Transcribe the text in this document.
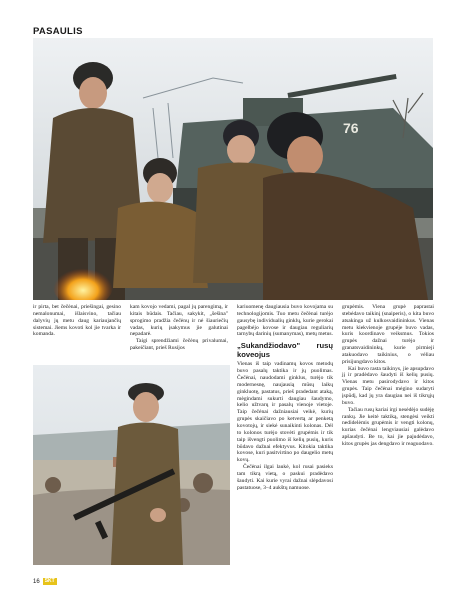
PASAULIS
76

ir pirta, bet čečėnai, priešingai, gesino nemalonumai, išlaisvino, tačiau dalyvių jų metu daug kariaujančių sistemai. Jiems kovoti kol jie tvarka ir komanda.

kam kovojo vedami, pagal jų parengimą, ir kitais būdais. Tačiau, sakykit, „šešina" sprogimo pradžia čečėnų ir nė šiauriečių vadas, kurių įsakymus jie galutinai nepadarė.

Taigi sprendžiami čečėnų privalumai, pakeičiant, prieš Rusijos

kariuomenę daugiausia buvo kovojama su technologijomis. Tuo metu čečėnai turėjo gausybę individualių ginklų, kurie gerokai pagelbėjo kovose ir daugiau reguliarių tarnybų darinių (sumanymas), metų metus.

„Sukandžiodavo" rusų koveojus

Vienas iš taip vadinamų kovos metodų buvo pasalų taktika ir jų puolimas. Čečėnai, naudodami ginklus, turėjo tik modernesnę, naujausią mūsų laikų ginkluotę, pastatus, prieš pradedant ataką, mėgindami sukurti daugiau šaudymo, kelio užtvarų ir pasalų vienoje vietoje. Taip čečėnai dažniausiai veikė, kurių grupės skaičiavo po ketvertą ar penketą kovotojų, ir siekė sunaikinti kolonas. Dėl to kolonos turėjo stovėti grupėmis ir tik taip išvengti puolimo iš kelių pusių, kuris būdavo dažnai efektyvus. Kitokia taktika kovose, kuri pasitvirtino po daugelio metų kovų.

Čečėnai ilgai laukė, kol rusai pasieks tam tikrą vietą, o paskui pradėdavo šaudyti. Kai kurie vyrai dažnai slėpdavosi pastatuose, 3–4 aukštų namuose.

grupėmis. Viena grupė paprastai stebėdavo taikinį (snaiperis), o kita buvo atsakinga už kulkosvaidininkus. Vienas metu kiekvienoje grupėje buvo vadas, kuris koordinavo veiksmus. Tokios grupės dažnai turėjo ir granatsvaidininkų, kurie pirmieji atakuodavo taikinius, o vėliau prisijungdavo kitos.

Kai buvo rasta taikinys, jie apsupdavo jį ir pradėdavo šaudyti iš kelių pusių. Vienas metu pasirodydavo ir kitos grupės. Taip čečėnai mėgino sudaryti įspūdį, kad jų yra daugiau nei iš tikrųjų buvo.

Tačiau rusų kariai irgi nesėdėjo sudėję rankų. Jie keitė taktiką, stengėsi veikti nedidelėmis grupėmis ir vengti kolonų, kurias čečėnai lengviausiai galėdavo apšaudyti. Be to, kai jie pajudėdavo, kitos grupės jas dengdavo ir reaguodavo.

16	SKT
